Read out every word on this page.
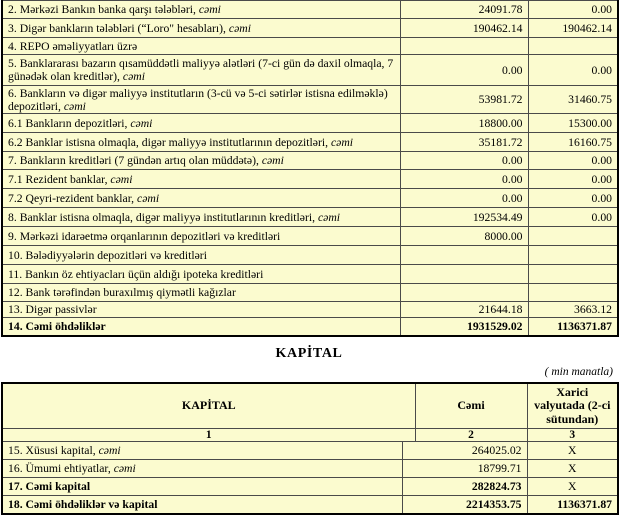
2. Mərkəzi Bankın banka qarşı tələbləri, cəmi	24091.78	0.00
3. Digər bankların tələbləri (“Loro" hesabları), cəmi	190462.14	190462.14
4. REPO əməliyyatları üzrə		
5. Banklararası bazarın qısamüddətli maliyyə alətləri (7-ci gün də daxil olmaqla, 7 günədək olan kreditlər), cəmi	0.00	0.00
6. Bankların və digər maliyyə institutların (3-cü və 5-ci sətirlər istisna edilməklə) depozitləri, cəmi	53981.72	31460.75
6.1 Bankların depozitləri, cəmi	18800.00	15300.00
6.2 Banklar istisna olmaqla, digər maliyyə institutlarının depozitləri, cəmi	35181.72	16160.75
7. Bankların kreditləri (7 gündən artıq olan müddətə), cəmi	0.00	0.00
7.1 Rezident banklar, cəmi	0.00	0.00
7.2 Qeyri-rezident banklar, cəmi	0.00	0.00
8. Banklar istisna olmaqla, digər maliyyə institutlarının kreditləri, cəmi	192534.49	0.00
9. Mərkəzi idarəetmə orqanlarının depozitləri və kreditləri	8000.00	
10. Bələdiyyələrin depozitləri və kreditləri		
11. Bankın öz ehtiyacları üçün aldığı ipoteka kreditləri		
12. Bank tərəfindən buraxılmış qiymətli kağızlar		
13. Digər passivlər	21644.18	3663.12
14. Cəmi öhdəliklər	1931529.02	1136371.87
KAPİTAL
( min manatla)
KAPİTAL		Cəmi	Xarici valyutada (2-ci sütundan)
1		2	3
15. Xüsusi kapital, cəmi	264025.02		X
16. Ümumi ehtiyatlar, cəmi	18799.71		X
17. Cəmi kapital	282824.73		X
18. Cəmi öhdəliklər və kapital	2214353.75		1136371.87
